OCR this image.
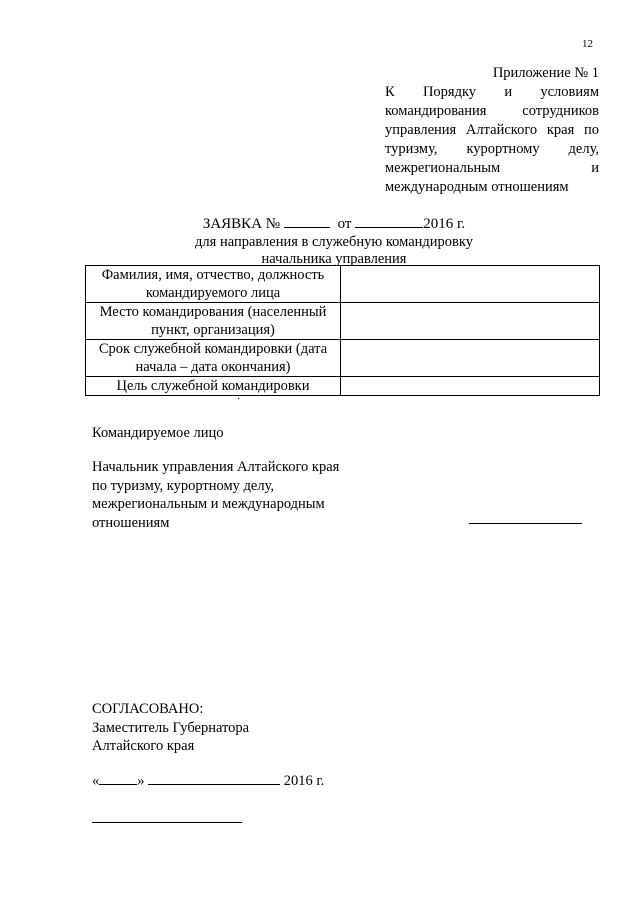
12
Приложение № 1
К Порядку и условиям командирования сотрудников управления Алтайского края по туризму, курортному делу, межрегиональным и международным отношениям
ЗАЯВКА №	от	2016 г.
для направления в служебную командировку
начальника управления
Фамилия, имя, отчество, должность командируемого лица	
Место командирования (населенный пункт, организация)	
Срок служебной командировки (дата начала – дата окончания)	
Цель служебной командировки	
·
Командируемое лицо
Начальник управления Алтайского края по туризму, курортному делу, межрегиональным и международным отношениям
СОГЛАСОВАНО:
Заместитель Губернатора
Алтайского края
«	»	2016 г.
